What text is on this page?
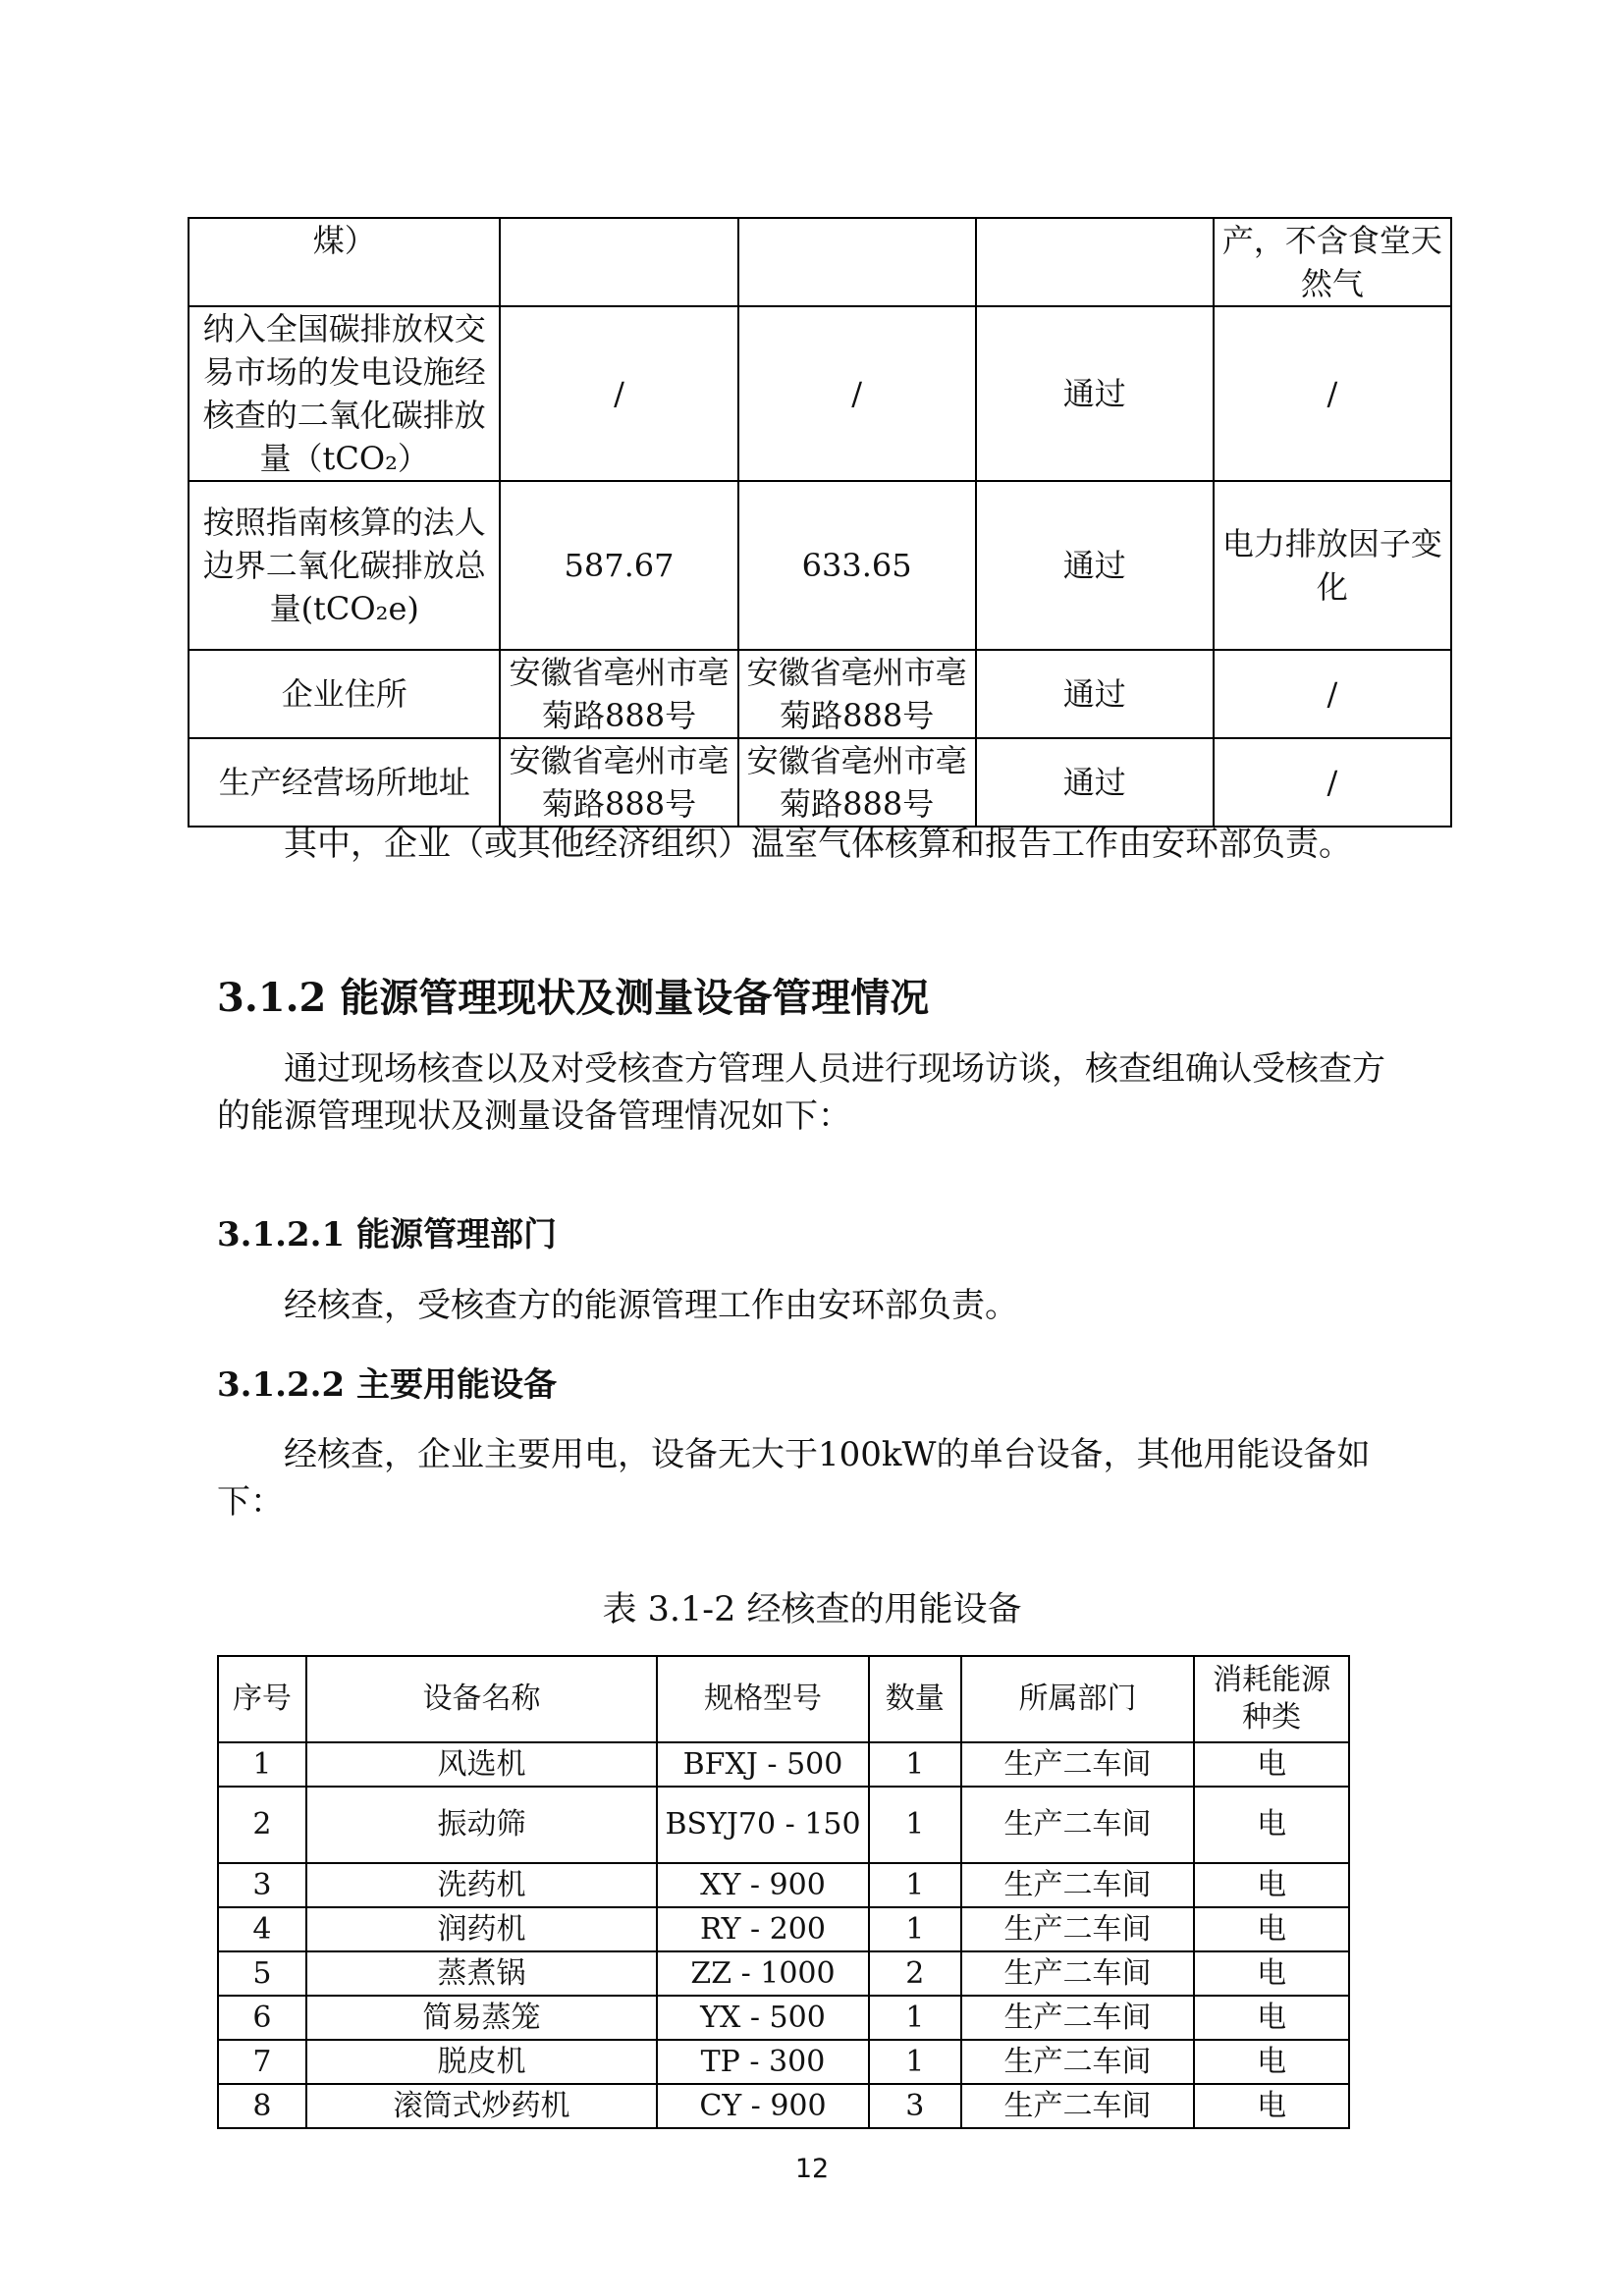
煤）				产，不含食堂天然气
纳入全国碳排放权交易市场的发电设施经核查的二氧化碳排放量（tCO₂）	/	/	通过	/
按照指南核算的法人边界二氧化碳排放总量(tCO₂e)	587.67	633.65	通过	电力排放因子变化
企业住所	安徽省亳州市亳菊路888号	安徽省亳州市亳菊路888号	通过	/
生产经营场所地址	安徽省亳州市亳菊路888号	安徽省亳州市亳菊路888号	通过	/

其中，企业（或其他经济组织）温室气体核算和报告工作由安环部负责。

3.1.2 能源管理现状及测量设备管理情况

通过现场核查以及对受核查方管理人员进行现场访谈，核查组确认受核查方的能源管理现状及测量设备管理情况如下：

3.1.2.1 能源管理部门

经核查，受核查方的能源管理工作由安环部负责。

3.1.2.2 主要用能设备

经核查，企业主要用电，设备无大于100kW的单台设备，其他用能设备如下：

表 3.1-2 经核查的用能设备

序号	设备名称	规格型号	数量	所属部门	消耗能源种类
1	风选机	BFXJ - 500	1	生产二车间	电
2	振动筛	BSYJ70 - 150	1	生产二车间	电
3	洗药机	XY - 900	1	生产二车间	电
4	润药机	RY - 200	1	生产二车间	电
5	蒸煮锅	ZZ - 1000	2	生产二车间	电
6	简易蒸笼	YX - 500	1	生产二车间	电
7	脱皮机	TP - 300	1	生产二车间	电
8	滚筒式炒药机	CY - 900	3	生产二车间	电
12
